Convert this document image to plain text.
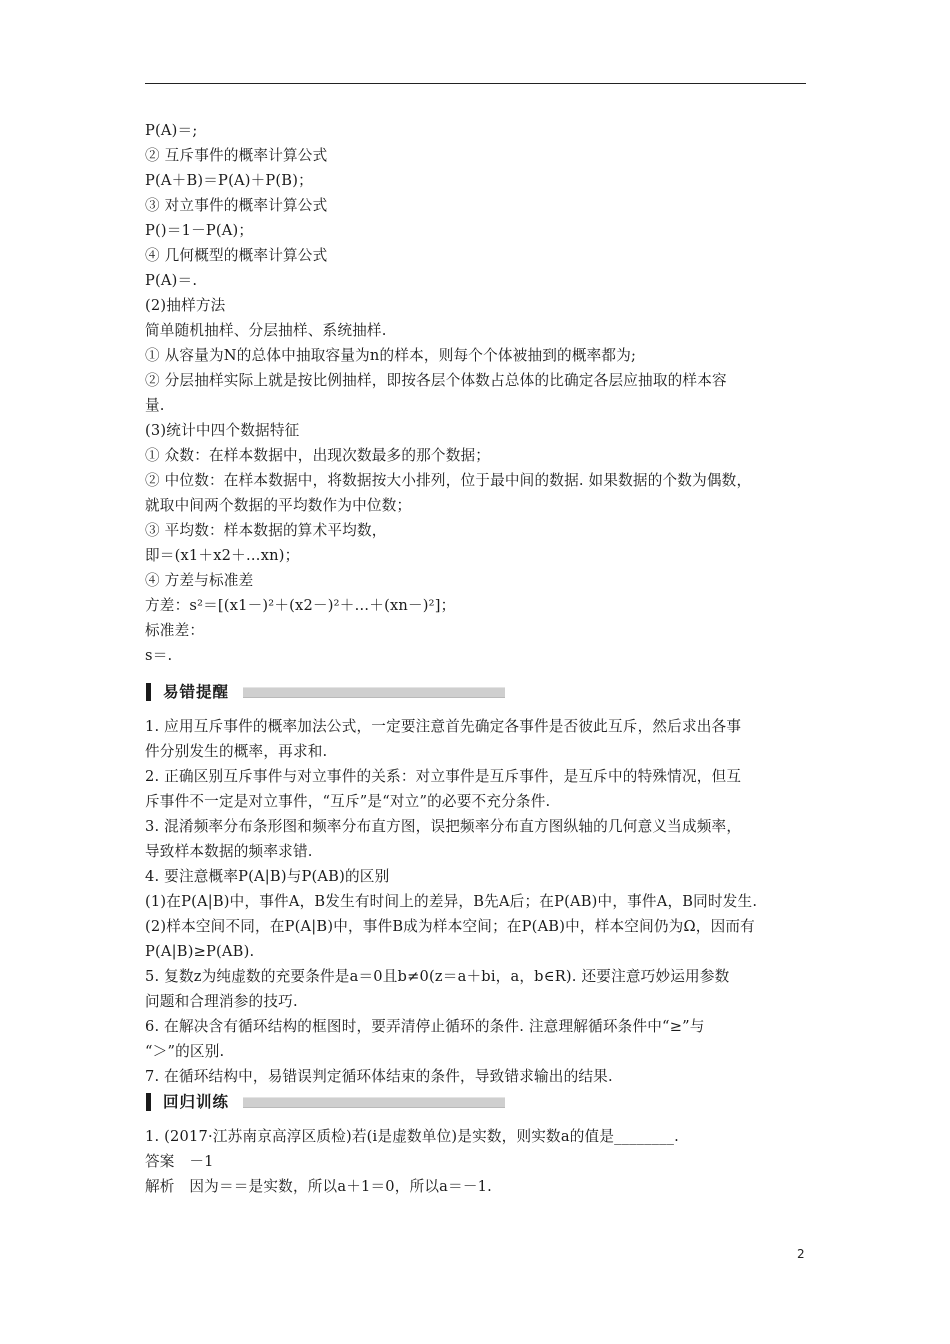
P(A)＝;
② 互斥事件的概率计算公式
P(A＋B)＝P(A)＋P(B)；
③ 对立事件的概率计算公式
P()＝1－P(A)；
④ 几何概型的概率计算公式
P(A)＝.
(2)抽样方法
简单随机抽样、分层抽样、系统抽样.
① 从容量为N的总体中抽取容量为n的样本，则每个个体被抽到的概率都为;
② 分层抽样实际上就是按比例抽样，即按各层个体数占总体的比确定各层应抽取的样本容
量.
(3)统计中四个数据特征
① 众数：在样本数据中，出现次数最多的那个数据；
② 中位数：在样本数据中，将数据按大小排列，位于最中间的数据. 如果数据的个数为偶数，
就取中间两个数据的平均数作为中位数；
③ 平均数：样本数据的算术平均数，
即＝(x1＋x2＋…xn)；
④ 方差与标准差
方差：s²＝[(x1－)²＋(x2－)²＋…＋(xn－)²]；
标准差：
s＝.
易错提醒
1. 应用互斥事件的概率加法公式，一定要注意首先确定各事件是否彼此互斥，然后求出各事
件分别发生的概率，再求和.
2. 正确区别互斥事件与对立事件的关系：对立事件是互斥事件，是互斥中的特殊情况，但互
斥事件不一定是对立事件，“互斥”是“对立”的必要不充分条件.
3. 混淆频率分布条形图和频率分布直方图，误把频率分布直方图纵轴的几何意义当成频率，
导致样本数据的频率求错.
4. 要注意概率P(A|B)与P(AB)的区别
(1)在P(A|B)中，事件A，B发生有时间上的差异，B先A后；在P(AB)中，事件A，B同时发生.
(2)样本空间不同，在P(A|B)中，事件B成为样本空间；在P(AB)中，样本空间仍为Ω，因而有
P(A|B)≥P(AB).
5. 复数z为纯虚数的充要条件是a＝0且b≠0(z＝a＋bi，a，b∈R). 还要注意巧妙运用参数
问题和合理消参的技巧.
6. 在解决含有循环结构的框图时，要弄清停止循环的条件. 注意理解循环条件中“≥”与
“＞”的区别.
7. 在循环结构中，易错误判定循环体结束的条件，导致错求输出的结果.
回归训练
1. (2017·江苏南京高淳区质检)若(i是虚数单位)是实数，则实数a的值是________.
答案　－1
解析　因为＝＝是实数，所以a＋1＝0，所以a＝－1.
2
